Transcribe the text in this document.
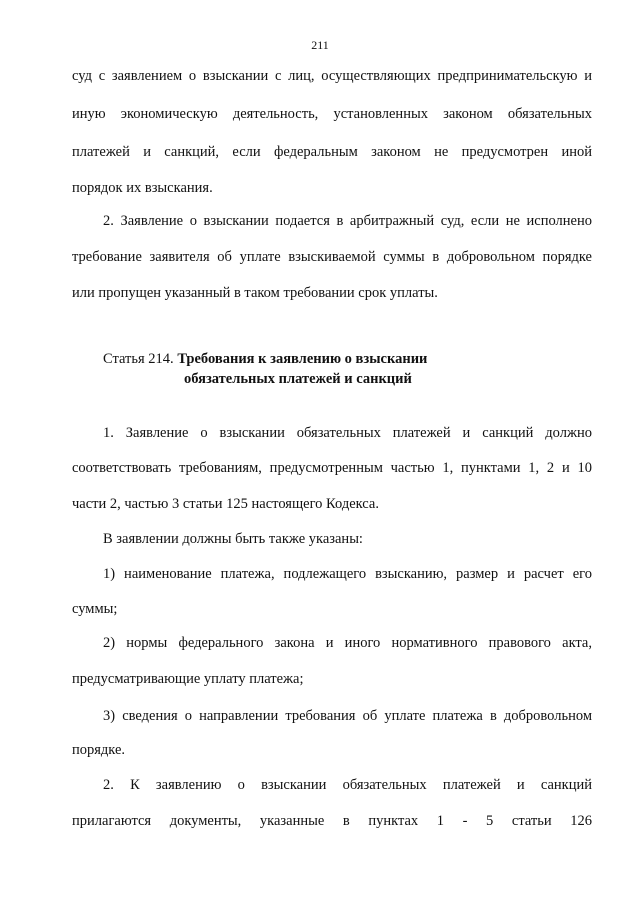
211
суд с заявлением о взыскании с лиц, осуществляющих предпринимательскую и
иную экономическую деятельность, установленных законом обязательных
платежей и санкций, если федеральным законом не предусмотрен иной
порядок их взыскания.
2. Заявление о взыскании подается в арбитражный суд, если не исполнено
требование заявителя об уплате взыскиваемой суммы в добровольном порядке
или пропущен указанный в таком требовании срок уплаты.
Статья 214. Требования к заявлению о взыскании
обязательных платежей и санкций
1. Заявление о взыскании обязательных платежей и санкций должно
соответствовать требованиям, предусмотренным частью 1, пунктами 1, 2 и 10
части 2, частью 3 статьи 125 настоящего Кодекса.
В заявлении должны быть также указаны:
1) наименование платежа, подлежащего взысканию, размер и расчет его
суммы;
2) нормы федерального закона и иного нормативного правового акта,
предусматривающие уплату платежа;
3) сведения о направлении требования об уплате платежа в добровольном
порядке.
2. К заявлению о взыскании обязательных платежей и санкций
прилагаются документы, указанные в пунктах 1 - 5 статьи 126
